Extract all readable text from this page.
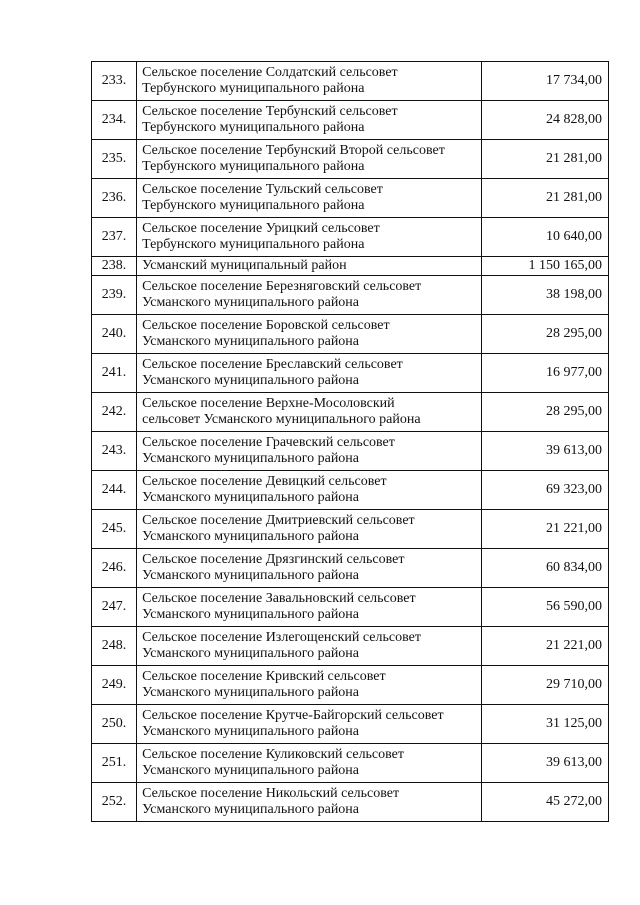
233.	Сельское поселение Солдатский сельсовет
Тербунского муниципального района	17 734,00
234.	Сельское поселение Тербунский сельсовет
Тербунского муниципального района	24 828,00
235.	Сельское поселение Тербунский Второй сельсовет
Тербунского муниципального района	21 281,00
236.	Сельское поселение Тульский сельсовет
Тербунского муниципального района	21 281,00
237.	Сельское поселение Урицкий сельсовет
Тербунского муниципального района	10 640,00
238.	Усманский муниципальный район	1 150 165,00
239.	Сельское поселение Березняговский сельсовет
Усманского муниципального района	38 198,00
240.	Сельское поселение Боровской сельсовет
Усманского муниципального района	28 295,00
241.	Сельское поселение Бреславский сельсовет
Усманского муниципального района	16 977,00
242.	Сельское поселение Верхне-Мосоловский
сельсовет Усманского муниципального района	28 295,00
243.	Сельское поселение Грачевский сельсовет
Усманского муниципального района	39 613,00
244.	Сельское поселение Девицкий сельсовет
Усманского муниципального района	69 323,00
245.	Сельское поселение Дмитриевский сельсовет
Усманского муниципального района	21 221,00
246.	Сельское поселение Дрязгинский сельсовет
Усманского муниципального района	60 834,00
247.	Сельское поселение Завальновский сельсовет
Усманского муниципального района	56 590,00
248.	Сельское поселение Излегощенский сельсовет
Усманского муниципального района	21 221,00
249.	Сельское поселение Кривский сельсовет
Усманского муниципального района	29 710,00
250.	Сельское поселение Крутче-Байгорский сельсовет
Усманского муниципального района	31 125,00
251.	Сельское поселение Куликовский сельсовет
Усманского муниципального района	39 613,00
252.	Сельское поселение Никольский сельсовет
Усманского муниципального района	45 272,00
